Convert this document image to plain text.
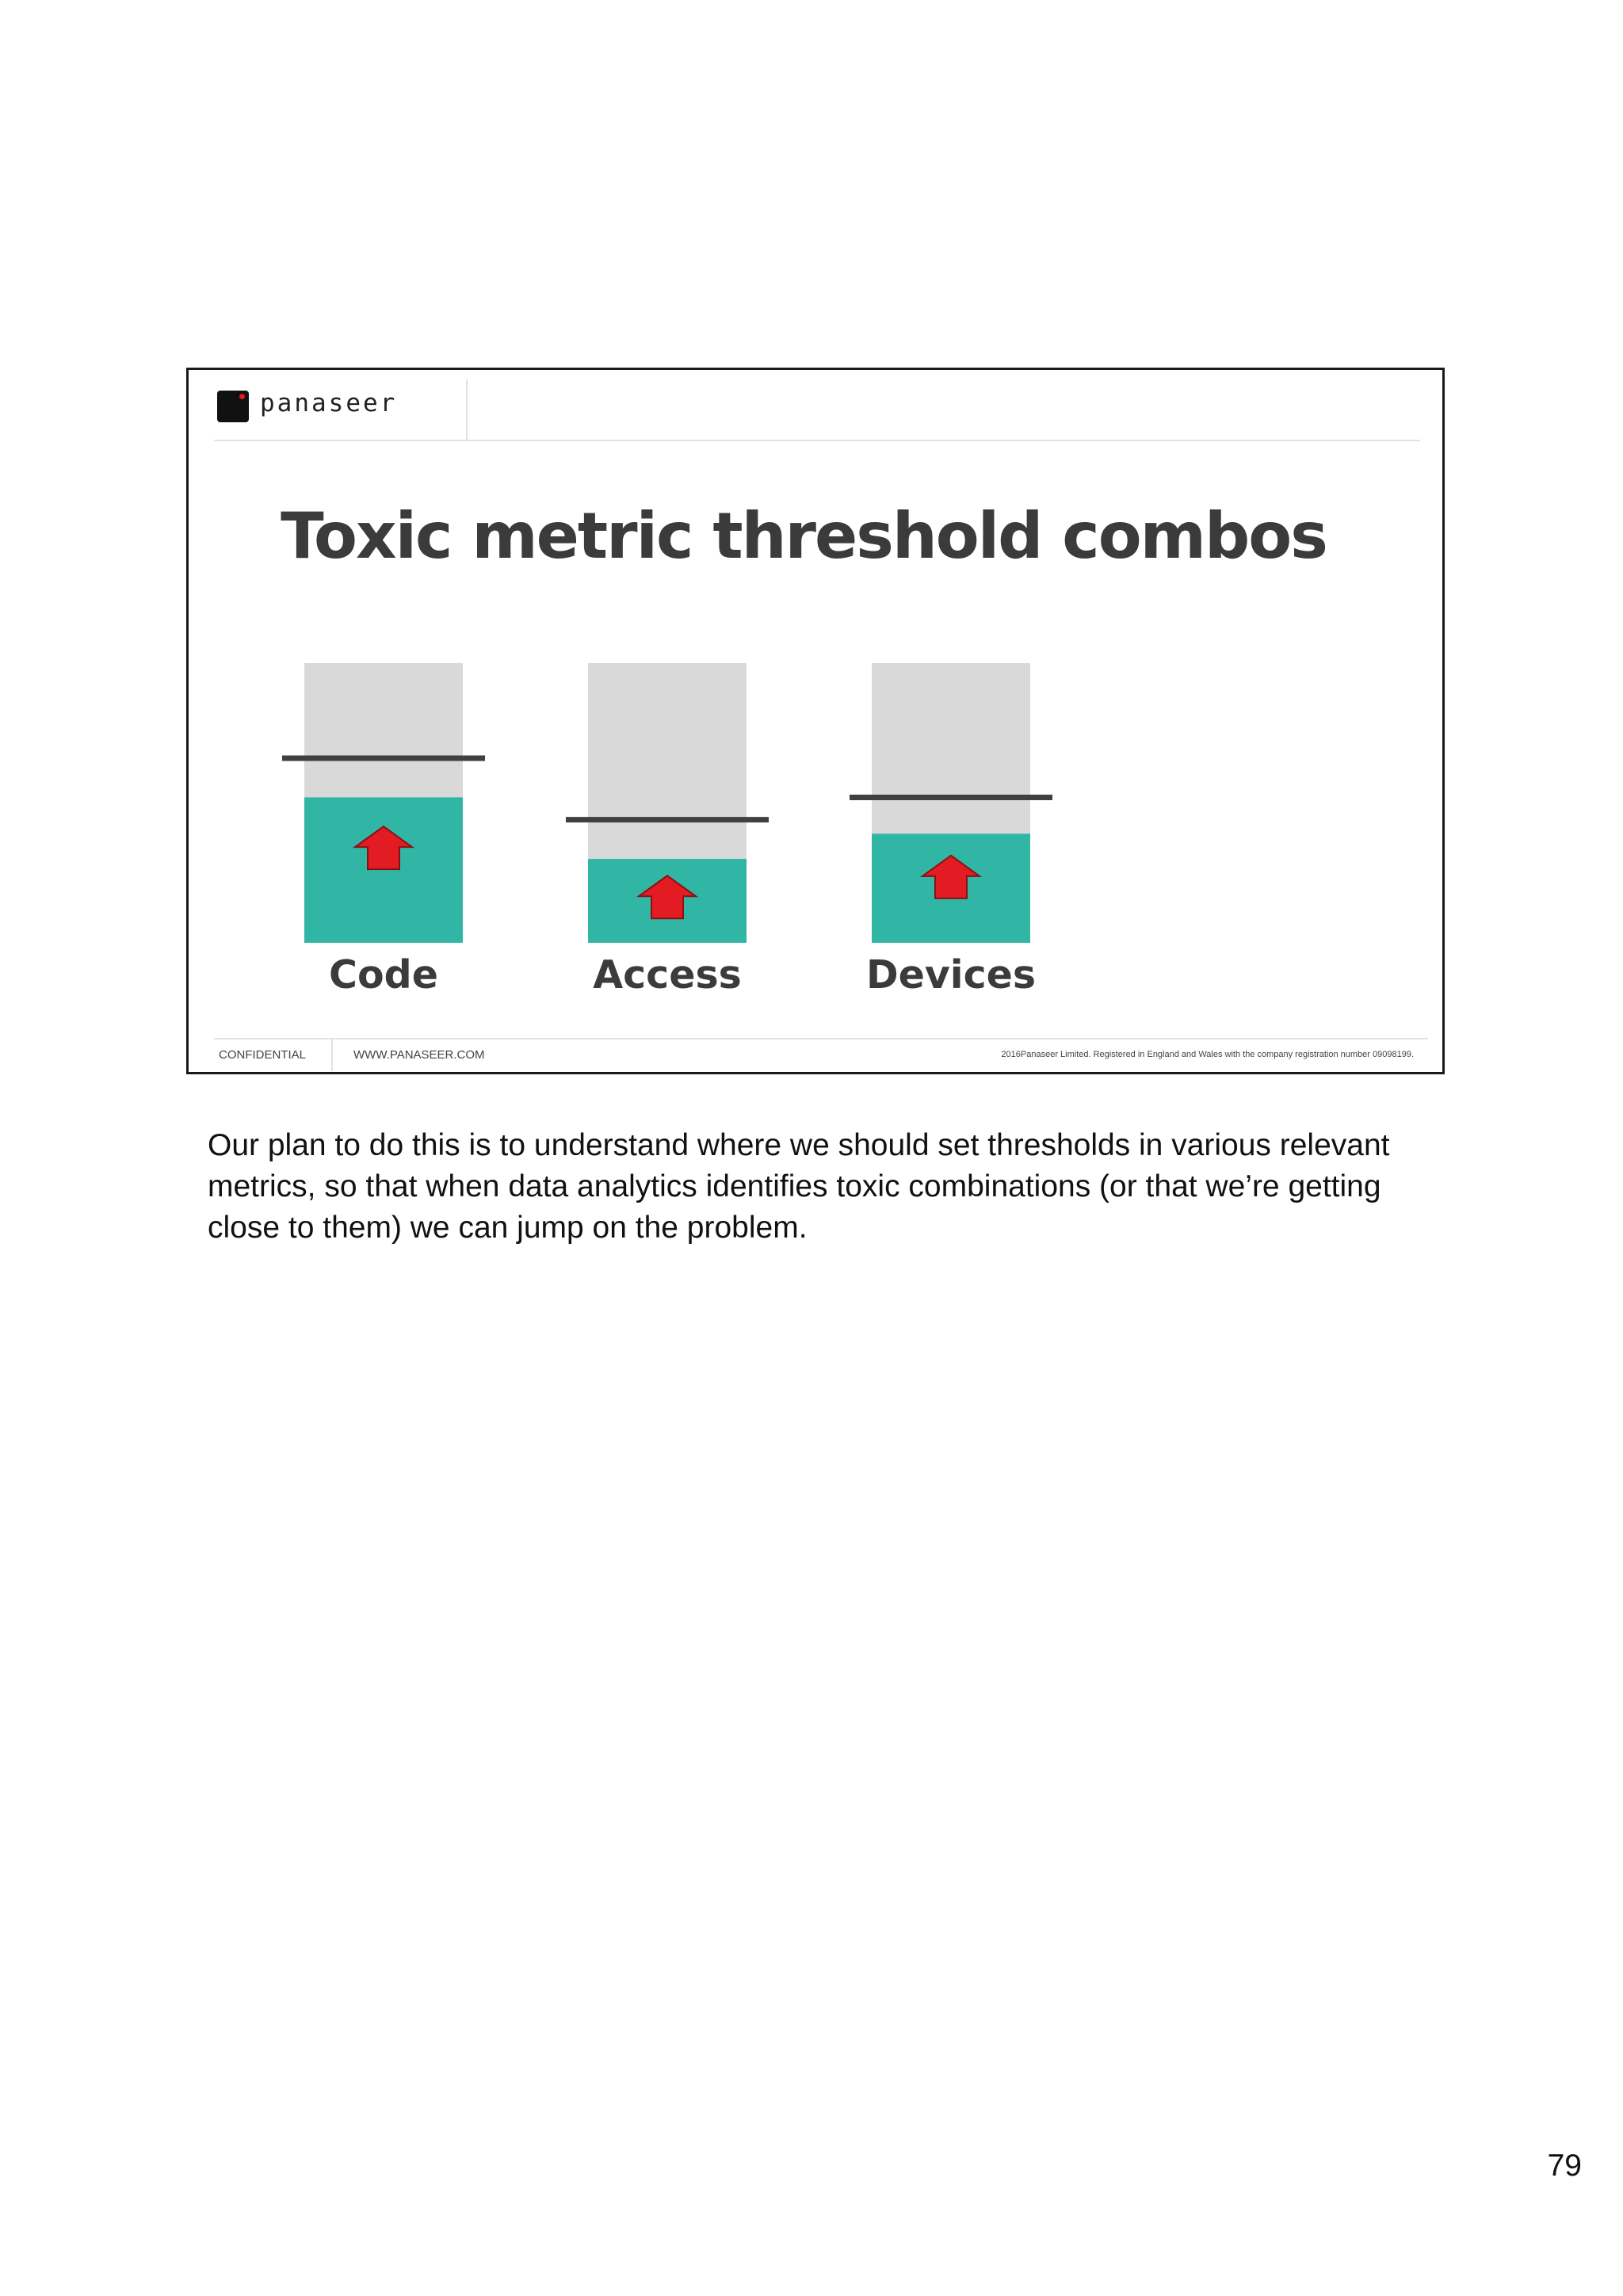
panaseer
Toxic metric threshold combos
Code	Access	Devices
CONFIDENTIAL	WWW.PANASEER.COM	2016Panaseer Limited. Registered in England and Wales with the company registration number 09098199.

Our plan to do this is to understand where we should set thresholds in various relevant metrics, so that when data analytics identifies toxic combinations (or that we’re getting close to them) we can jump on the problem.

79
